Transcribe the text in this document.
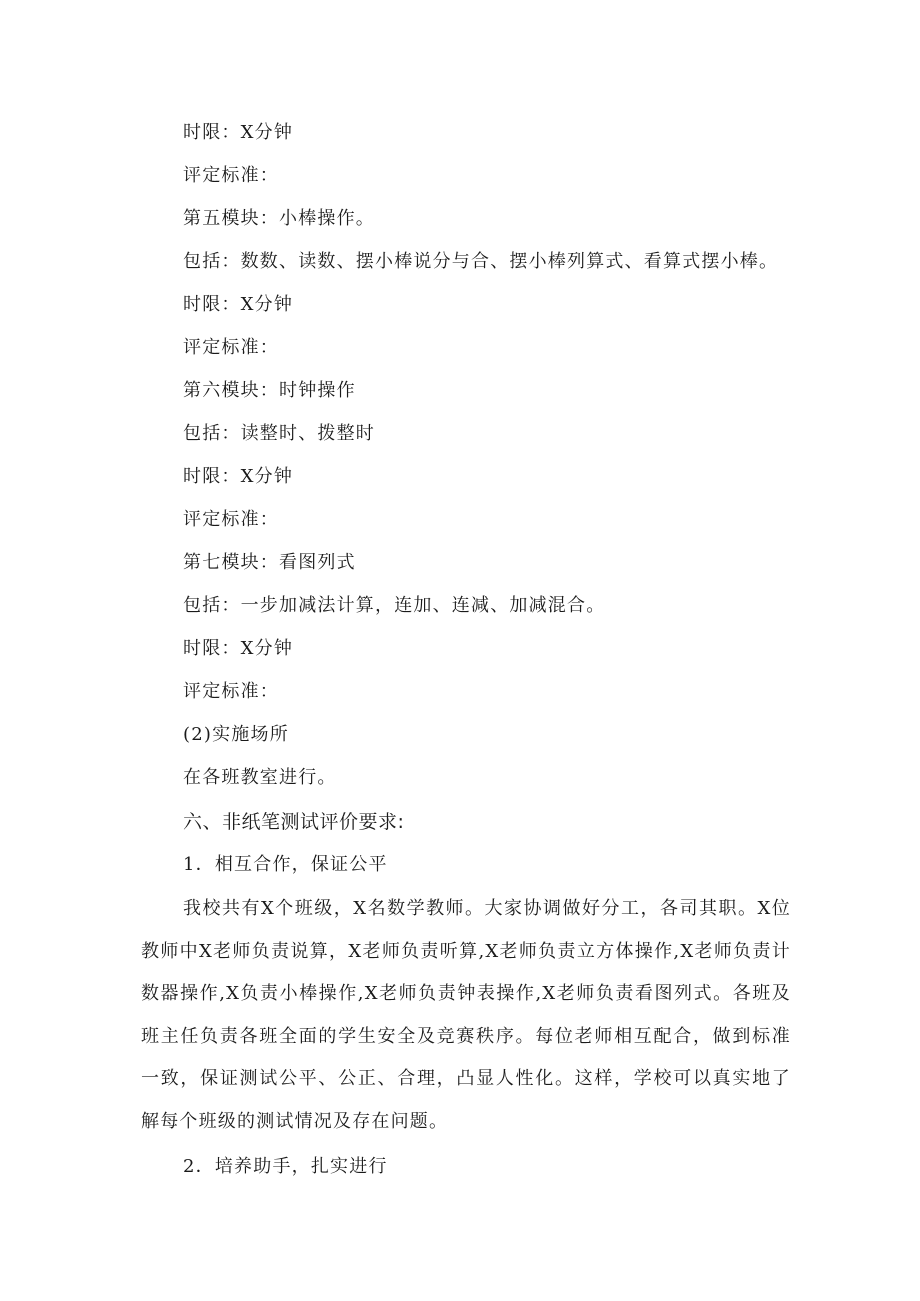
时限：X分钟
评定标准：
第五模块：小棒操作。
包括：数数、读数、摆小棒说分与合、摆小棒列算式、看算式摆小棒。
时限：X分钟
评定标准：
第六模块：时钟操作
包括：读整时、拨整时
时限：X分钟
评定标准：
第七模块：看图列式
包括：一步加减法计算，连加、连减、加减混合。
时限：X分钟
评定标准：
(2)实施场所
在各班教室进行。
六、非纸笔测试评价要求:
1．相互合作，保证公平
我校共有X个班级，X名数学教师。大家协调做好分工，各司其职。X位教师中X老师负责说算，X老师负责听算,X老师负责立方体操作,X老师负责计数器操作,X负责小棒操作,X老师负责钟表操作,X老师负责看图列式。各班及班主任负责各班全面的学生安全及竞赛秩序。每位老师相互配合，做到标准一致，保证测试公平、公正、合理，凸显人性化。这样，学校可以真实地了解每个班级的测试情况及存在问题。
2．培养助手，扎实进行
